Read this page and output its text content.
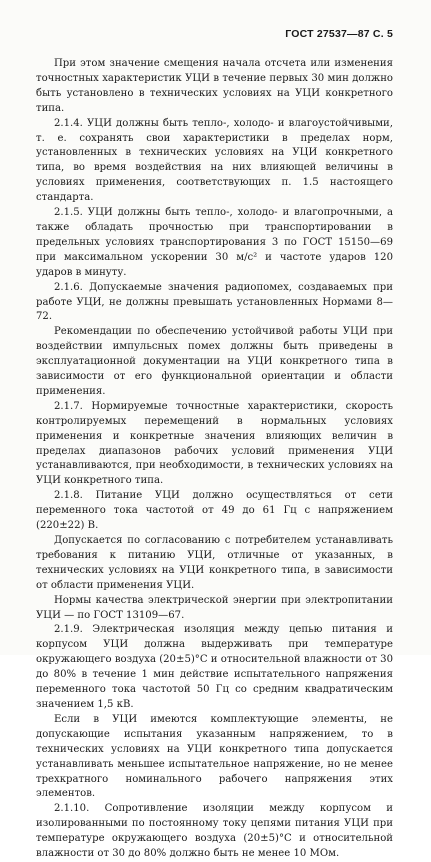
ГОСТ 27537—87 С. 5

При этом значение смещения начала отсчета или изменения точностных характеристик УЦИ в течение первых 30 мин должно быть установлено в технических условиях на УЦИ конкретного типа.

2.1.4. УЦИ должны быть тепло-, холодо- и влагоустойчивыми, т. е. сохранять свои характеристики в пределах норм, установленных в технических условиях на УЦИ конкретного типа, во время воздействия на них влияющей величины в условиях применения, соответствующих п. 1.5 настоящего стандарта.

2.1.5. УЦИ должны быть тепло-, холодо- и влагопрочными, а также обладать прочностью при транспортировании в предельных условиях транспортирования 3 по ГОСТ 15150—69 при максимальном ускорении 30 м/с² и частоте ударов 120 ударов в минуту.

2.1.6. Допускаемые значения радиопомех, создаваемых при работе УЦИ, не должны превышать установленных Нормами 8—72.

Рекомендации по обеспечению устойчивой работы УЦИ при воздействии импульсных помех должны быть приведены в эксплуатационной документации на УЦИ конкретного типа в зависимости от его функциональной ориентации и области применения.

2.1.7. Нормируемые точностные характеристики, скорость контролируемых перемещений в нормальных условиях применения и конкретные значения влияющих величин в пределах диапазонов рабочих условий применения УЦИ устанавливаются, при необходимости, в технических условиях на УЦИ конкретного типа.

2.1.8. Питание УЦИ должно осуществляться от сети переменного тока частотой от 49 до 61 Гц с напряжением (220±22) В.

Допускается по согласованию с потребителем устанавливать требования к питанию УЦИ, отличные от указанных, в технических условиях на УЦИ конкретного типа, в зависимости от области применения УЦИ.

Нормы качества электрической энергии при электропитании УЦИ — по ГОСТ 13109—67.

2.1.9. Электрическая изоляция между цепью питания и корпусом УЦИ должна выдерживать при температуре окружающего воздуха (20±5)°С и относительной влажности от 30 до 80% в течение 1 мин действие испытательного напряжения переменного тока частотой 50 Гц со средним квадратическим значением 1,5 кВ.

Если в УЦИ имеются комплектующие элементы, не допускающие испытания указанным напряжением, то в технических условиях на УЦИ конкретного типа допускается устанавливать меньшее испытательное напряжение, но не менее трехкратного номинального рабочего напряжения этих элементов.

2.1.10. Сопротивление изоляции между корпусом и изолированными по постоянному току цепями питания УЦИ при температуре окружающего воздуха (20±5)°С и относительной влажности от 30 до 80% должно быть не менее 10 МОм.
